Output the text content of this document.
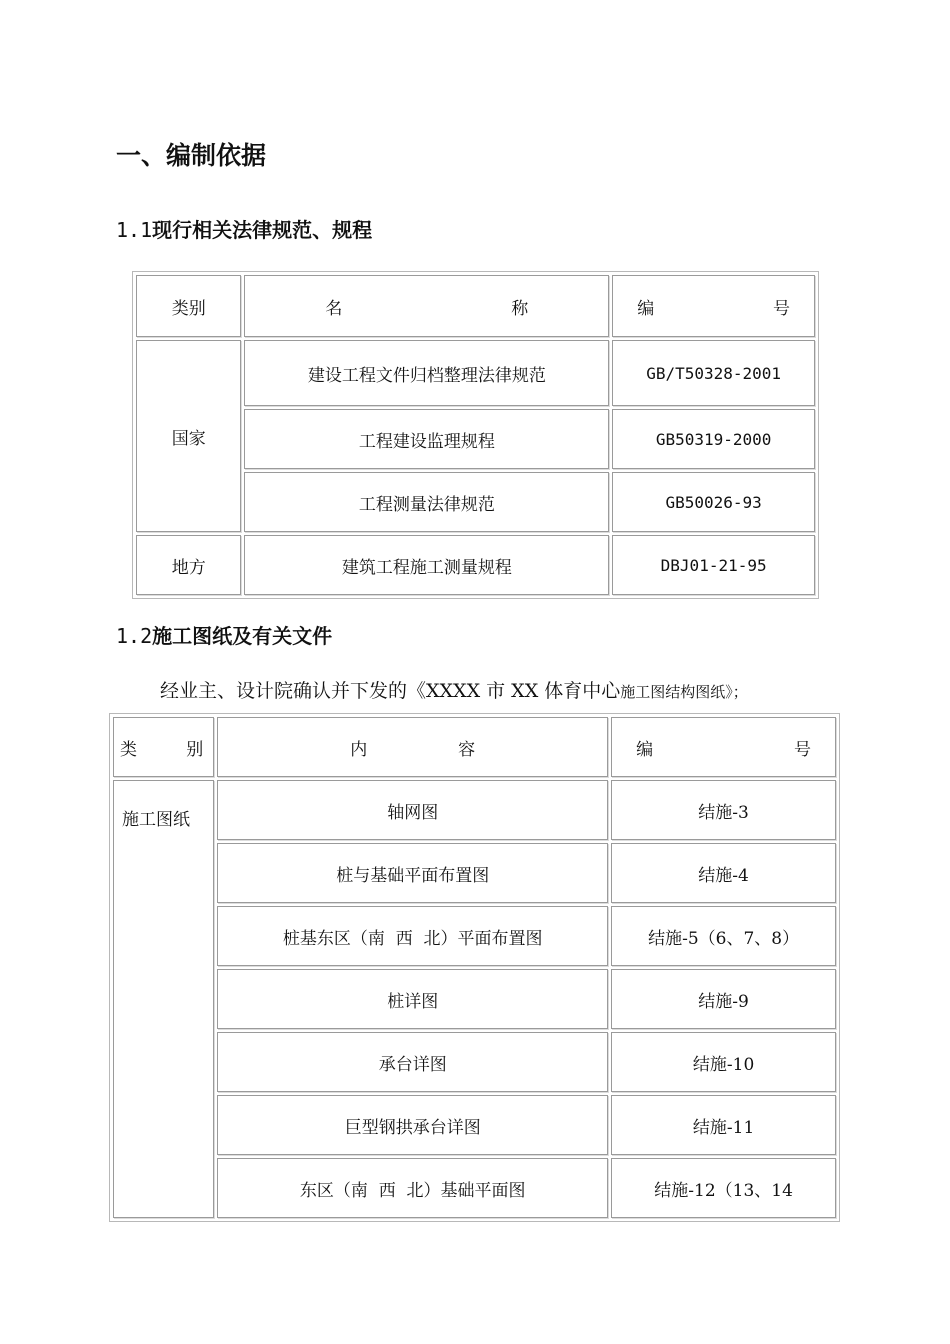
一、编制依据
1.1现行相关法律规范、规程
类别	名 称	编 号

国家	建设工程文件归档整理法律规范	GB/T50328-2001
	工程建设监理规程	GB50319-2000
	工程测量法律规范	GB50026-93
地方	建筑工程施工测量规程	DBJ01-21-95
1.2施工图纸及有关文件

经业主、设计院确认并下发的《XXXX 市 XX 体育中心施工图结构图纸》；

类 别	内 容	编 号

施工图纸	轴网图	结施-3
	桩与基础平面布置图	结施-4
	桩基东区（南  西  北）平面布置图	结施-5（6、7、8）
	桩详图	结施-9
	承台详图	结施-10
	巨型钢拱承台详图	结施-11
	东区（南  西  北）基础平面图	结施-12（13、14
